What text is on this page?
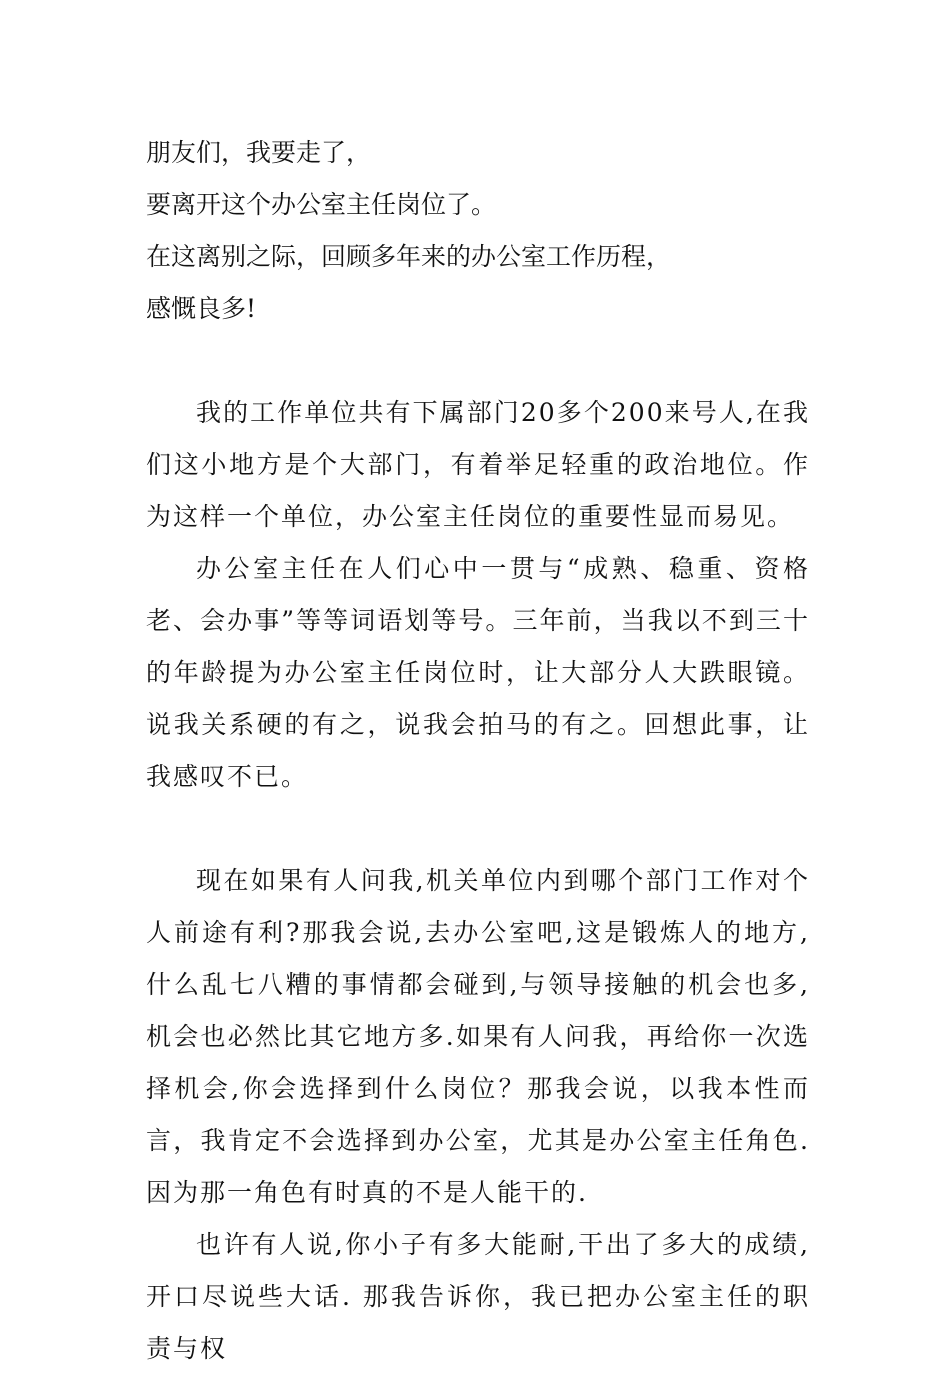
朋友们，我要走了，

要离开这个办公室主任岗位了。

在这离别之际，回顾多年来的办公室工作历程，

感慨良多!

我的工作单位共有下属部门20多个200来号人,在我们这小地方是个大部门，有着举足轻重的政治地位。作为这样一个单位，办公室主任岗位的重要性显而易见。

办公室主任在人们心中一贯与“成熟、稳重、资格老、会办事”等等词语划等号。三年前，当我以不到三十的年龄提为办公室主任岗位时，让大部分人大跌眼镜。说我关系硬的有之，说我会拍马的有之。回想此事，让我感叹不已。

现在如果有人问我,机关单位内到哪个部门工作对个人前途有利?那我会说,去办公室吧,这是锻炼人的地方,什么乱七八糟的事情都会碰到,与领导接触的机会也多,机会也必然比其它地方多.如果有人问我，再给你一次选择机会,你会选择到什么岗位？那我会说，以我本性而言，我肯定不会选择到办公室，尤其是办公室主任角色. 因为那一角色有时真的不是人能干的.

也许有人说,你小子有多大能耐,干出了多大的成绩,开口尽说些大话. 那我告诉你，我已把办公室主任的职责与权
